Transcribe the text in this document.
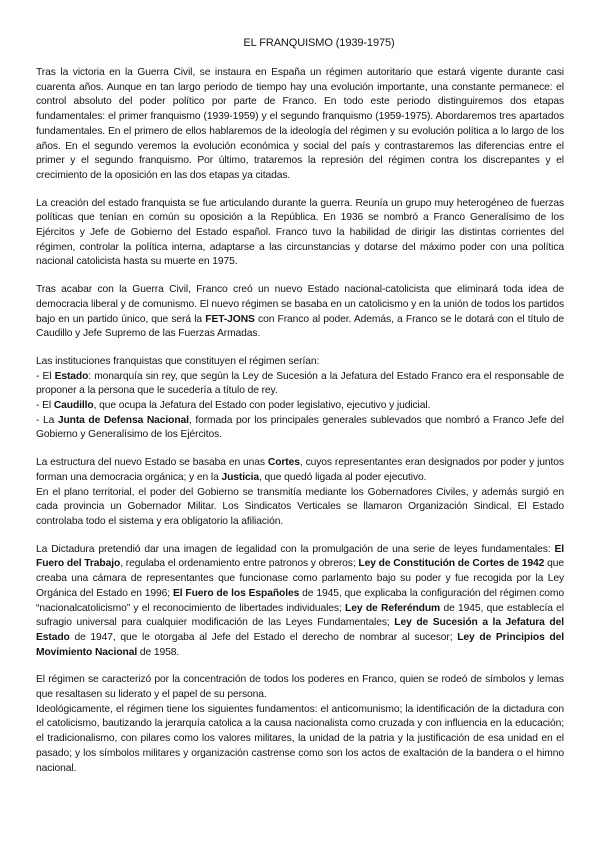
EL FRANQUISMO (1939-1975)

Tras la victoria en la Guerra Civil, se instaura en España un régimen autoritario que estará vigente durante casi cuarenta años. Aunque en tan largo periodo de tiempo hay una evolución importante, una constante permanece: el control absoluto del poder político por parte de Franco. En todo este periodo distinguiremos dos etapas fundamentales: el primer franquismo (1939-1959) y el segundo franquismo (1959-1975). Abordaremos tres apartados fundamentales. En el primero de ellos hablaremos de la ideología del régimen y su evolución política a lo largo de los años. En el segundo veremos la evolución económica y social del país y contrastaremos las diferencias entre el primer y el segundo franquismo. Por último, trataremos la represión del régimen contra los discrepantes y el crecimiento de la oposición en las dos etapas ya citadas.

La creación del estado franquista se fue articulando durante la guerra. Reunía un grupo muy heterogéneo de fuerzas políticas que tenían en común su oposición a la República. En 1936 se nombró a Franco Generalísimo de los Ejércitos y Jefe de Gobierno del Estado español. Franco tuvo la habilidad de dirigir las distintas corrientes del régimen, controlar la política interna, adaptarse a las circunstancias y dotarse del máximo poder con una política nacional catolicista hasta su muerte en 1975.

Tras acabar con la Guerra Civil, Franco creó un nuevo Estado nacional-catolicista que eliminará toda idea de democracia liberal y de comunismo. El nuevo régimen se basaba en un catolicismo y en la unión de todos los partidos bajo en un partido único, que será la FET-JONS con Franco al poder. Además, a Franco se le dotará con el título de Caudillo y Jefe Supremo de las Fuerzas Armadas.

Las instituciones franquistas que constituyen el régimen serían:

- El Estado: monarquía sin rey, que según la Ley de Sucesión a la Jefatura del Estado Franco era el responsable de proponer a la persona que le sucedería a título de rey.

- El Caudillo, que ocupa la Jefatura del Estado con poder legislativo, ejecutivo y judicial.

- La Junta de Defensa Nacional, formada por los principales generales sublevados que nombró a Franco Jefe del Gobierno y Generalísimo de los Ejércitos.

La estructura del nuevo Estado se basaba en unas Cortes, cuyos representantes eran designados por poder y juntos forman una democracia orgánica; y en la Justicia, que quedó ligada al poder ejecutivo.

En el plano territorial, el poder del Gobierno se transmitía mediante los Gobernadores Civiles, y además surgió en cada provincia un Gobernador Militar. Los Sindicatos Verticales se llamaron Organización Sindical. El Estado controlaba todo el sistema y era obligatorio la afiliación.

La Dictadura pretendió dar una imagen de legalidad con la promulgación de una serie de leyes fundamentales: El Fuero del Trabajo, regulaba el ordenamiento entre patronos y obreros; Ley de Constitución de Cortes de 1942 que creaba una cámara de representantes que funcionase como parlamento bajo su poder y fue recogida por la Ley Orgánica del Estado en 1996; El Fuero de los Españoles de 1945, que explicaba la configuración del régimen como “nacionalcatolicismo” y el reconocimiento de libertades individuales; Ley de Referéndum de 1945, que establecía el sufragio universal para cualquier modificación de las Leyes Fundamentales; Ley de Sucesión a la Jefatura del Estado de 1947, que le otorgaba al Jefe del Estado el derecho de nombrar al sucesor; Ley de Principios del Movimiento Nacional de 1958.

El régimen se caracterizó por la concentración de todos los poderes en Franco, quien se rodeó de símbolos y lemas que resaltasen su liderato y el papel de su persona.

Ideológicamente, el régimen tiene los siguientes fundamentos: el anticomunismo; la identificación de la dictadura con el catolicismo, bautizando la jerarquía catolica a la causa nacionalista como cruzada y con influencia en la educación; el tradicionalismo, con pilares como los valores militares, la unidad de la patria y la justificación de esa unidad en el pasado; y los símbolos militares y organización castrense como son los actos de exaltación de la bandera o el himno nacional.
